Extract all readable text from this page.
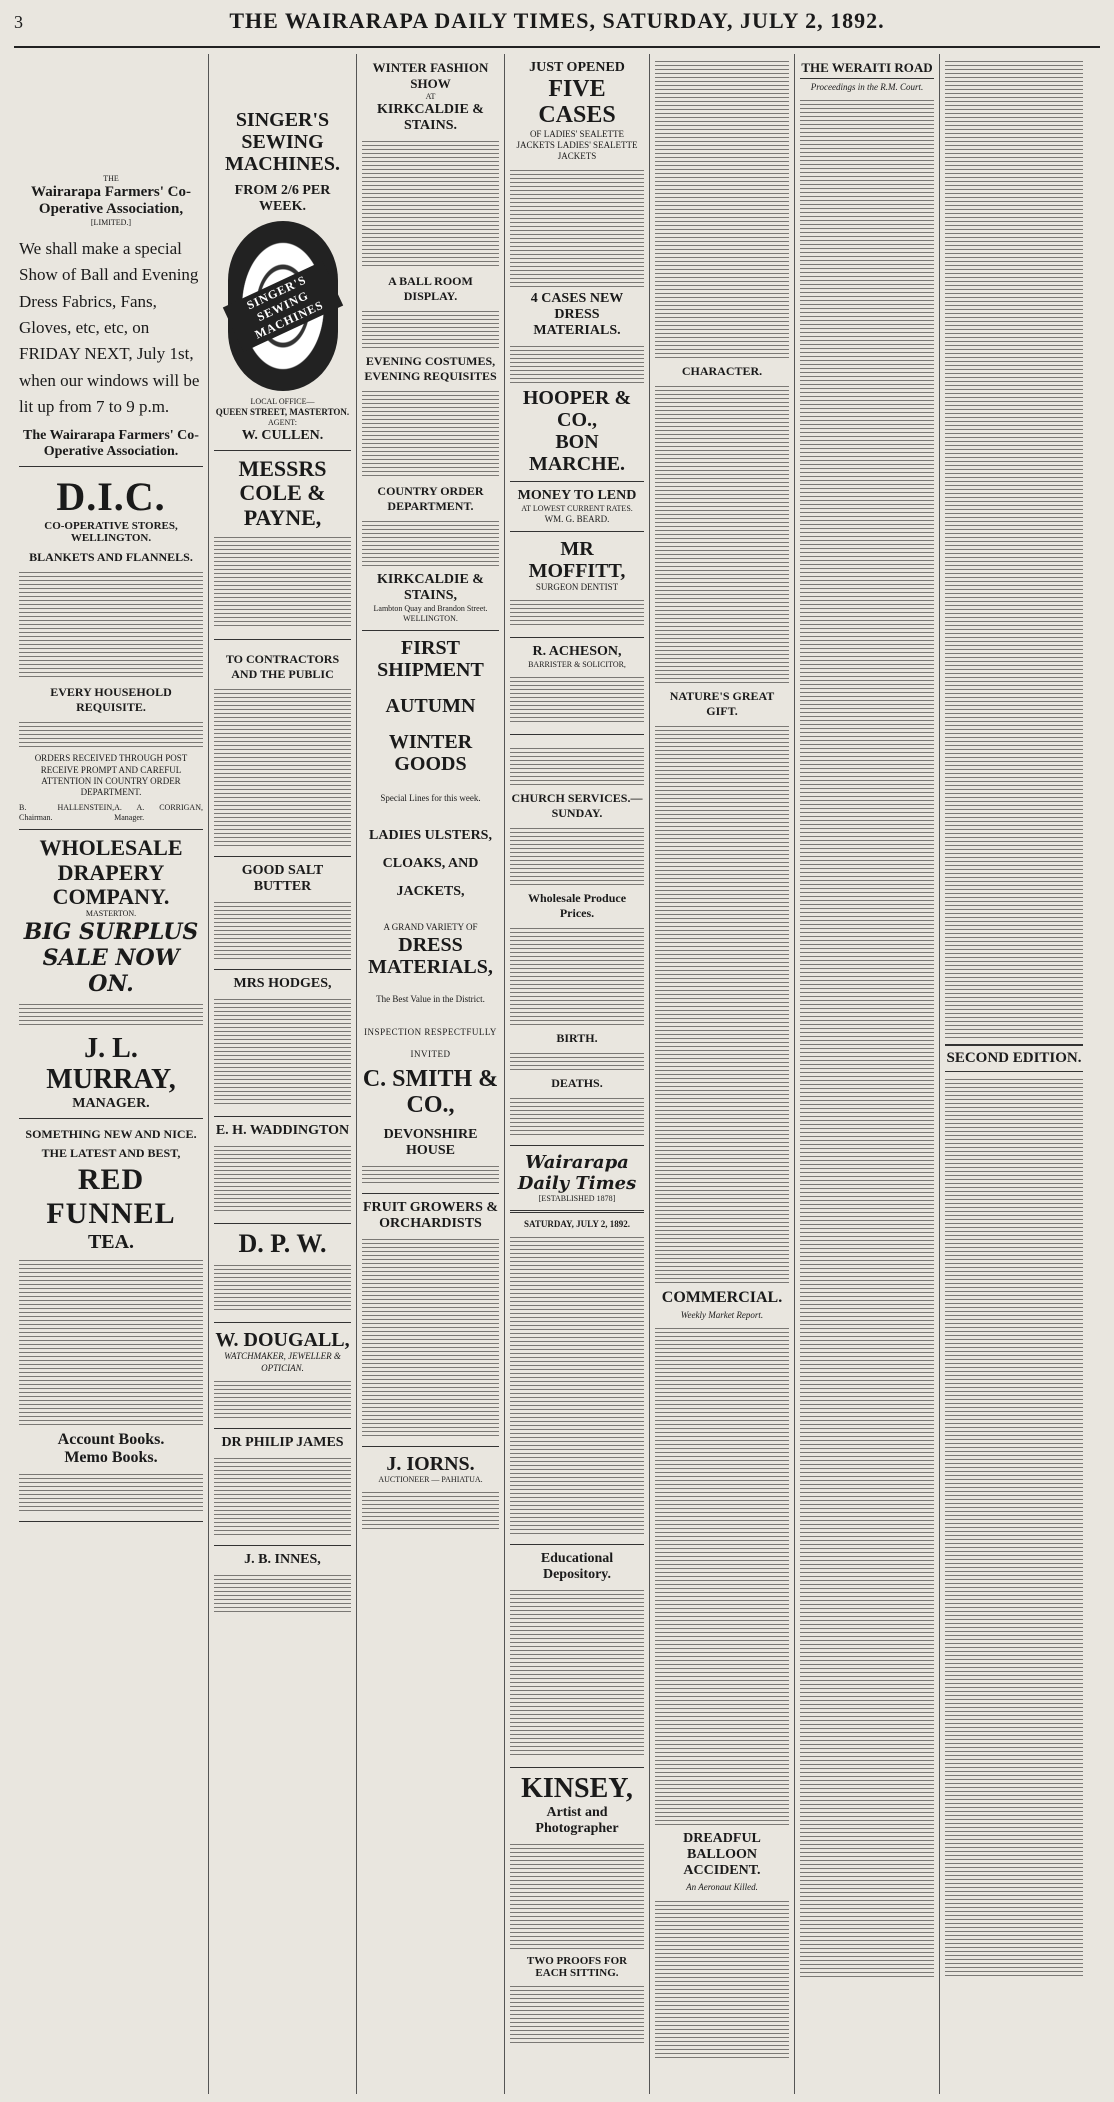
3	THE WAIRARAPA DAILY TIMES, SATURDAY, JULY 2, 1892.
THE
Wairarapa Farmers' Co-Operative Association,
[LIMITED.]
We shall make a special Show of Ball and Evening Dress Fabrics, Fans, Gloves, etc, etc, on FRIDAY NEXT, July 1st, when our windows will be lit up from 7 to 9 p.m.
The Wairarapa Farmers' Co-Operative Association.
D.I.C.
CO-OPERATIVE STORES, WELLINGTON.
BLANKETS AND FLANNELS.
EVERY HOUSEHOLD REQUISITE.
ORDERS RECEIVED THROUGH POST RECEIVE PROMPT AND CAREFUL ATTENTION IN COUNTRY ORDER DEPARTMENT.
B. HALLENSTEIN, Chairman.
A. A. CORRIGAN, Manager.
WHOLESALE DRAPERY COMPANY.
MASTERTON.
BIG SURPLUS SALE NOW ON.
J. L. MURRAY,
MANAGER.
SOMETHING NEW AND NICE. THE LATEST AND BEST,
RED FUNNEL
TEA.
Account Books.
Memo Books.
SINGER'S SEWING MACHINES.
FROM 2/6 PER WEEK.
SINGER'S SEWING MACHINES
LOCAL OFFICE—
QUEEN STREET, MASTERTON.
AGENT:
W. CULLEN.
MESSRS COLE & PAYNE,
TO CONTRACTORS AND THE PUBLIC
GOOD SALT BUTTER
MRS HODGES,
E. H. WADDINGTON
D. P. W.
W. DOUGALL,
WATCHMAKER, JEWELLER & OPTICIAN.
DR PHILIP JAMES
J. B. INNES,
WINTER FASHION SHOW
AT
KIRKCALDIE & STAINS.
A BALL ROOM DISPLAY.
EVENING COSTUMES, EVENING REQUISITES
COUNTRY ORDER DEPARTMENT.
KIRKCALDIE & STAINS,
Lambton Quay and Brandon Street.
WELLINGTON.
FIRST SHIPMENT
AUTUMN
WINTER GOODS
Special Lines for this week.
LADIES ULSTERS, CLOAKS, AND JACKETS,
A GRAND VARIETY OF
DRESS MATERIALS,
The Best Value in the District.
INSPECTION RESPECTFULLY INVITED
C. SMITH & CO.,
DEVONSHIRE HOUSE
FRUIT GROWERS & ORCHARDISTS
J. IORNS.
AUCTIONEER — PAHIATUA.
JUST OPENED
FIVE CASES
OF LADIES' SEALETTE JACKETS LADIES' SEALETTE JACKETS
4 CASES NEW DRESS MATERIALS.
HOOPER & CO.,
BON MARCHE.
MONEY TO LEND
AT LOWEST CURRENT RATES.
WM. G. BEARD.
MR MOFFITT,
SURGEON DENTIST
R. ACHESON,
BARRISTER & SOLICITOR,
CHURCH SERVICES.—SUNDAY.
Wholesale Produce Prices.
BIRTH.
DEATHS.
Wairarapa Daily Times
[ESTABLISHED 1878]
SATURDAY, JULY 2, 1892.
Educational Depository.
KINSEY,
Artist and Photographer
TWO PROOFS FOR EACH SITTING.
CHARACTER.
NATURE'S GREAT GIFT.
COMMERCIAL.
Weekly Market Report.
DREADFUL BALLOON ACCIDENT.
An Aeronaut Killed.
THE WERAITI ROAD
Proceedings in the R.M. Court.
SECOND EDITION.
